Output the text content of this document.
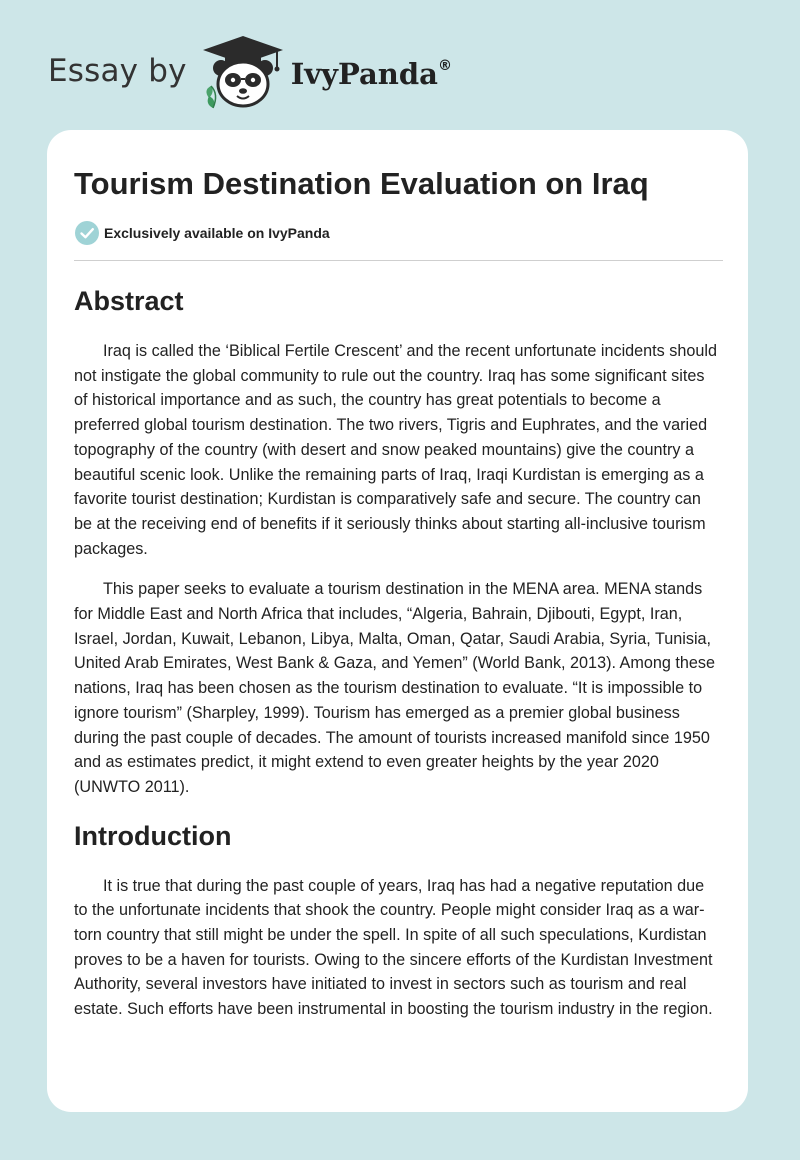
Essay by	IvyPanda®
Tourism Destination Evaluation on Iraq
Exclusively available on IvyPanda
Abstract

Iraq is called the ‘Biblical Fertile Crescent’ and the recent unfortunate incidents should not instigate the global community to rule out the country. Iraq has some significant sites of historical importance and as such, the country has great potentials to become a preferred global tourism destination. The two rivers, Tigris and Euphrates, and the varied topography of the country (with desert and snow peaked mountains) give the country a beautiful scenic look. Unlike the remaining parts of Iraq, Iraqi Kurdistan is emerging as a favorite tourist destination; Kurdistan is comparatively safe and secure. The country can be at the receiving end of benefits if it seriously thinks about starting all-inclusive tourism packages.

This paper seeks to evaluate a tourism destination in the MENA area. MENA stands for Middle East and North Africa that includes, “Algeria, Bahrain, Djibouti, Egypt, Iran, Israel, Jordan, Kuwait, Lebanon, Libya, Malta, Oman, Qatar, Saudi Arabia, Syria, Tunisia, United Arab Emirates, West Bank & Gaza, and Yemen” (World Bank, 2013). Among these nations, Iraq has been chosen as the tourism destination to evaluate. “It is impossible to ignore tourism” (Sharpley, 1999). Tourism has emerged as a premier global business during the past couple of decades. The amount of tourists increased manifold since 1950 and as estimates predict, it might extend to even greater heights by the year 2020 (UNWTO 2011).

Introduction

It is true that during the past couple of years, Iraq has had a negative reputation due to the unfortunate incidents that shook the country. People might consider Iraq as a war-torn country that still might be under the spell. In spite of all such speculations, Kurdistan proves to be a haven for tourists. Owing to the sincere efforts of the Kurdistan Investment Authority, several investors have initiated to invest in sectors such as tourism and real estate. Such efforts have been instrumental in boosting the tourism industry in the region.
